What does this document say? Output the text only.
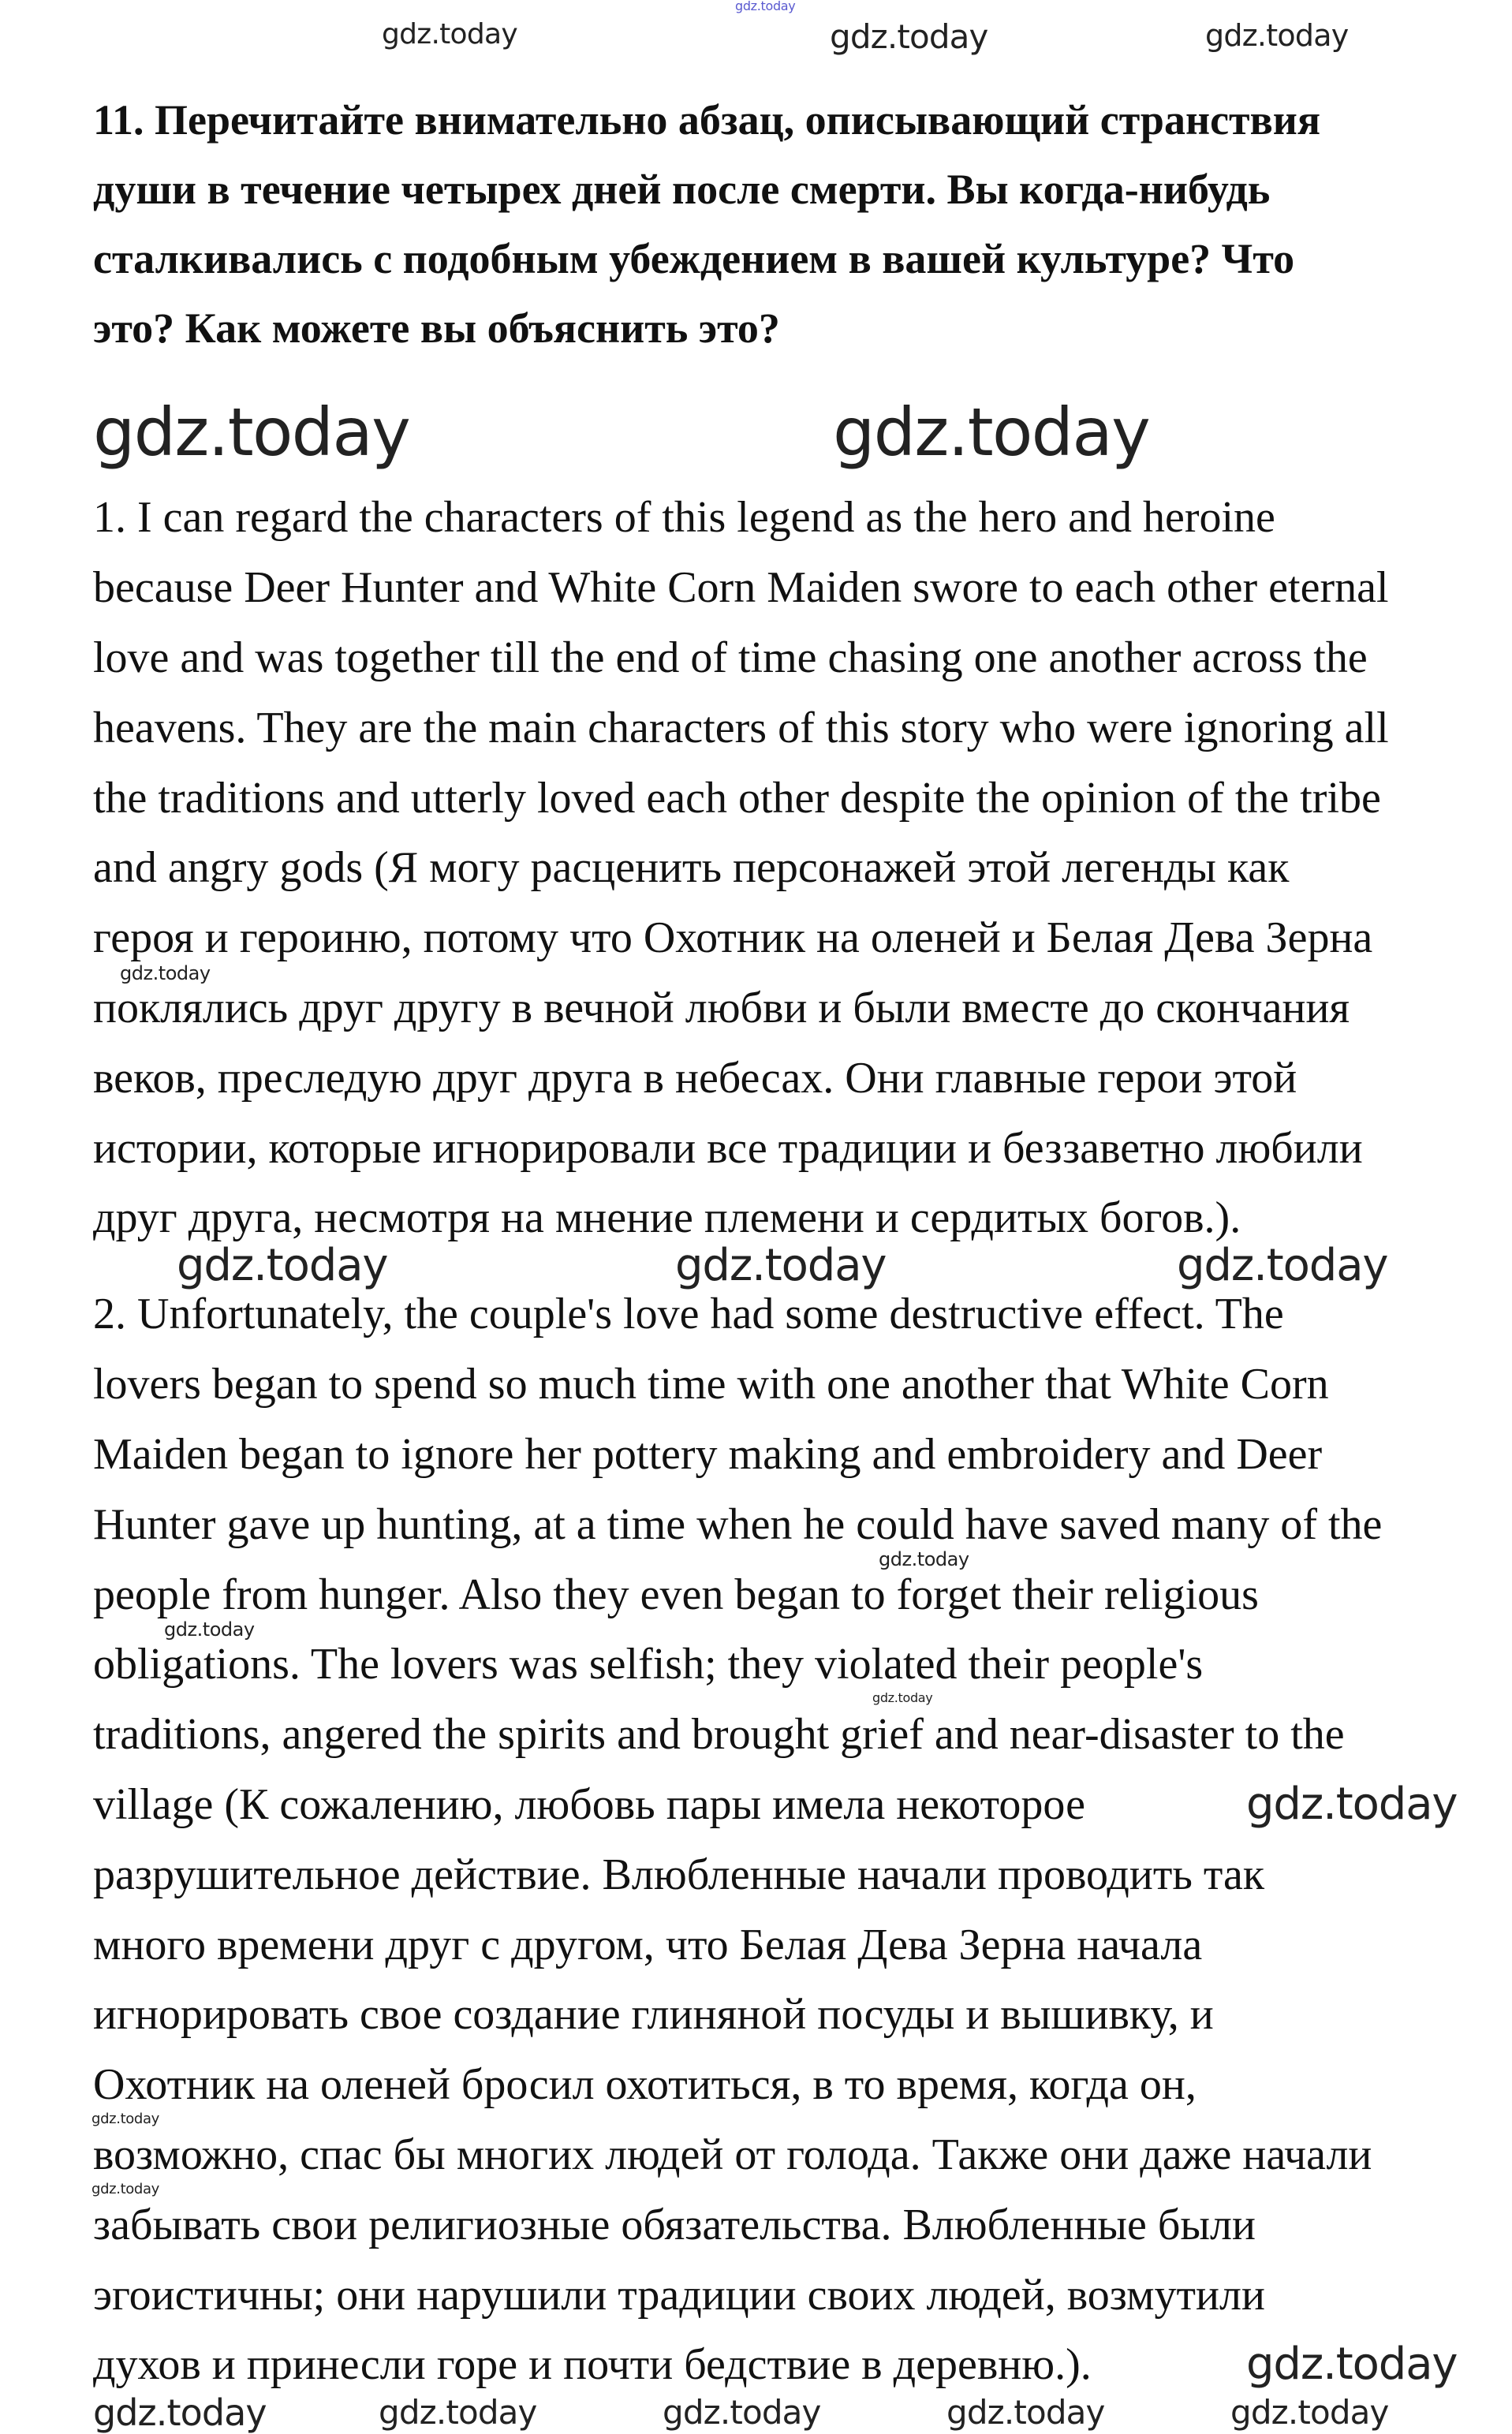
11. Перечитайте внимательно абзац, описывающий странствия
души в течение четырех дней после смерти. Вы когда-нибудь
сталкивались с подобным убеждением в вашей культуре? Что
это? Как можете вы объяснить это?
1. I can regard the characters of this legend as the hero and heroine
because Deer Hunter and White Corn Maiden swore to each other eternal
love and was together till the end of time chasing one another across the
heavens. They are the main characters of this story who were ignoring all
the traditions and utterly loved each other despite the opinion of the tribe
and angry gods (Я могу расценить персонажей этой легенды как
героя и героиню, потому что Охотник на оленей и Белая Дева Зерна
поклялись друг другу в вечной любви и были вместе до скончания
веков, преследую друг друга в небесах. Они главные герои этой
истории, которые игнорировали все традиции и беззаветно любили
друг друга, несмотря на мнение племени и сердитых богов.).
2. Unfortunately, the couple's love had some destructive effect. The
lovers began to spend so much time with one another that White Corn
Maiden began to ignore her pottery making and embroidery and Deer
Hunter gave up hunting, at a time when he could have saved many of the
people from hunger. Also they even began to forget their religious
obligations. The lovers was selfish; they violated their people's
traditions, angered the spirits and brought grief and near-disaster to the
village (К сожалению, любовь пары имела некоторое
разрушительное действие. Влюбленные начали проводить так
много времени друг с другом, что Белая Дева Зерна начала
игнорировать свое создание глиняной посуды и вышивку, и
Охотник на оленей бросил охотиться, в то время, когда он,
возможно, спас бы многих людей от голода. Также они даже начали
забывать свои религиозные обязательства. Влюбленные были
эгоистичны; они нарушили традиции своих людей, возмутили
духов и принесли горе и почти бедствие в деревню.).
gdz.today
gdz.today	gdz.today	gdz.today
gdz.today	gdz.today
gdz.today
gdz.today	gdz.today	gdz.today
gdz.today
gdz.today
gdz.today
gdz.today
gdz.today
gdz.today
gdz.today
gdz.today	gdz.today	gdz.today	gdz.today	gdz.today
